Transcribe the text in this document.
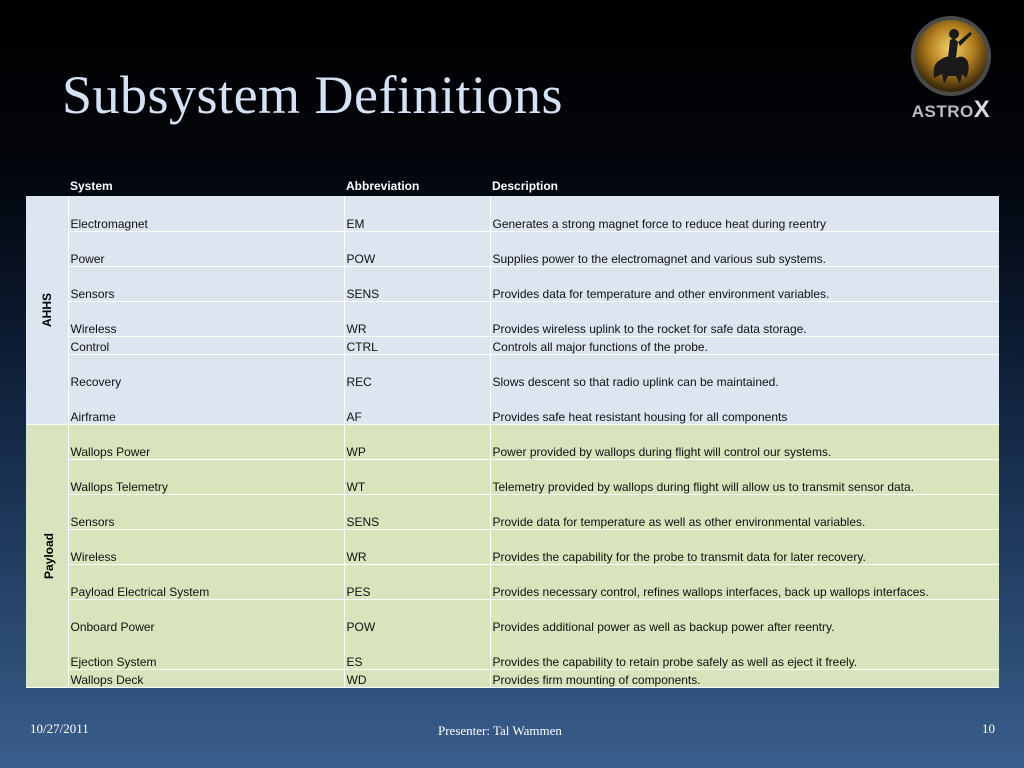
Subsystem Definitions	ASTROX
	System	Abbreviation	Description
AHHS	Electromagnet	EM	Generates a strong magnet force to reduce heat during reentry
	Power	POW	Supplies power to the electromagnet and various sub systems.
	Sensors	SENS	Provides data for temperature and other environment variables.
	Wireless	WR	Provides wireless uplink to the rocket for safe data storage.
	Control	CTRL	Controls all major functions of the probe.
	Recovery	REC	Slows descent so that radio uplink can be maintained.
	Airframe	AF	Provides safe heat resistant housing for all components
Payload	Wallops Power	WP	Power provided by wallops during flight will control our systems.
	Wallops Telemetry	WT	Telemetry provided by wallops during flight will allow us to transmit sensor data.
	Sensors	SENS	Provide data for temperature as well as other environmental variables.
	Wireless	WR	Provides the capability for the probe to transmit data for later recovery.
	Payload Electrical System	PES	Provides necessary control, refines wallops interfaces, back up wallops interfaces.
	Onboard Power	POW	Provides additional power as well as backup power after reentry.
	Ejection System	ES	Provides the capability to retain probe safely as well as eject it freely.
	Wallops Deck	WD	Provides firm mounting of components.
10/27/2011	Presenter: Tal Wammen	10
